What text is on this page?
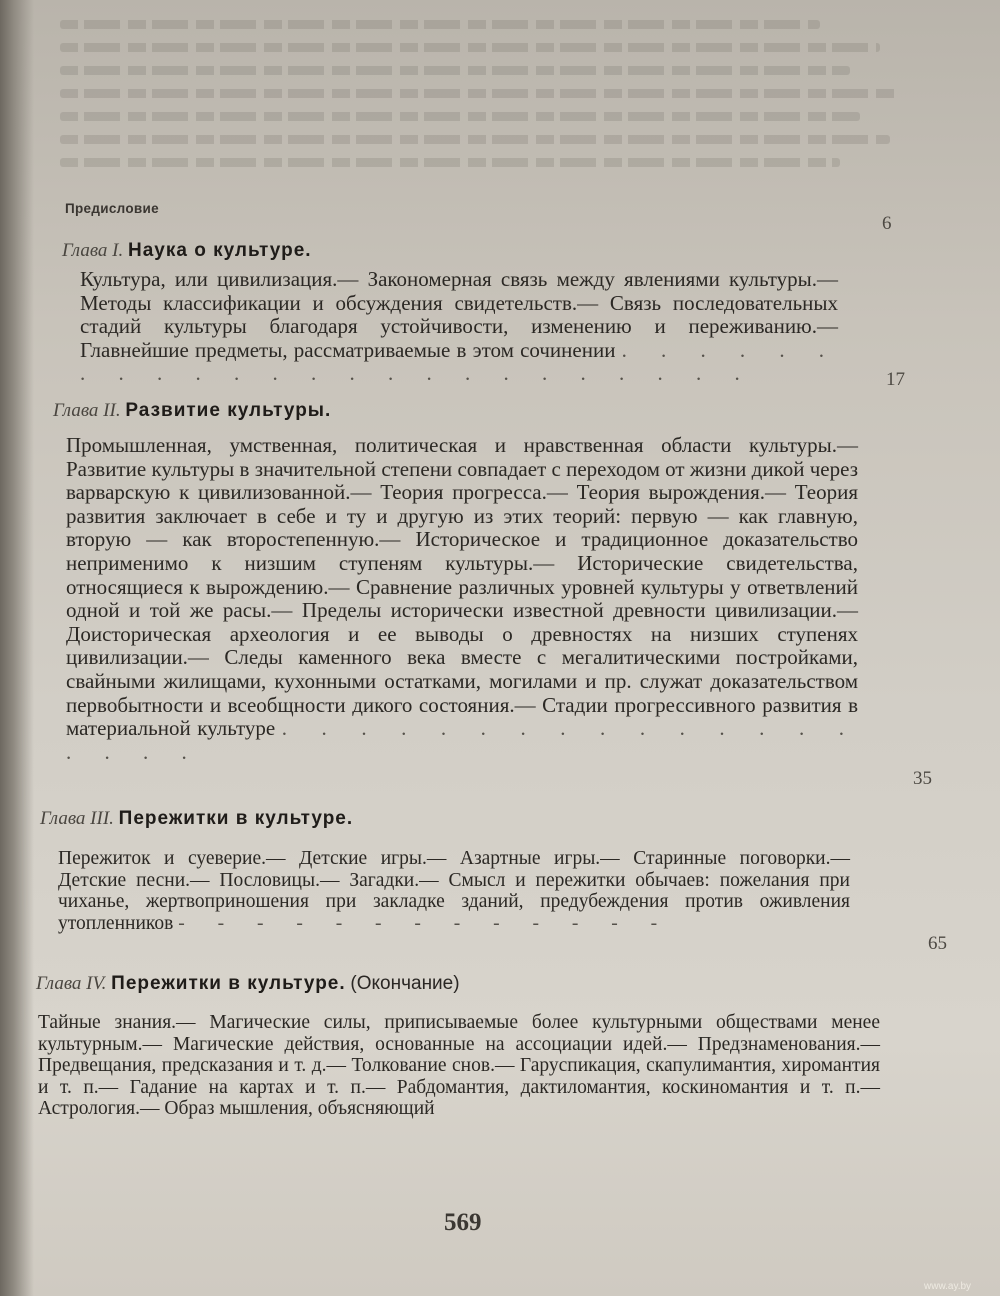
Предисловие
6
Глава I. Наука о культуре.
Культура, или цивилизация.— Закономерная связь между явлениями культуры.— Методы классификации и обсуждения свидетельств.— Связь последовательных стадий культуры благодаря устойчивости, изменению и переживанию.— Главнейшие предметы, рассматриваемые в этом сочинении . . . . . . . . . . . . . . . . . . . . . . . .	17
Глава II. Развитие культуры.
Промышленная, умственная, политическая и нравственная области культуры.— Развитие культуры в значительной степени совпадает с переходом от жизни дикой через варварскую к цивилизованной.— Теория прогресса.— Теория вырождения.— Теория развития заключает в себе и ту и другую из этих теорий: первую — как главную, вторую — как второстепенную.— Историческое и традиционное доказательство неприменимо к низшим ступеням культуры.— Исторические свидетельства, относящиеся к вырождению.— Сравнение различных уровней культуры у ответвлений одной и той же расы.— Пределы исторически известной древности цивилизации.— Доисторическая археология и ее выводы о древностях на низших ступенях цивилизации.— Следы каменного века вместе с мегалитическими постройками, свайными жилищами, кухонными остатками, могилами и пр. служат доказательством первобытности и всеобщности дикого состояния.— Стадии прогрессивного развития в материальной культуре . . . . . . . . . . . . . . . . . . .
35
Глава III. Пережитки в культуре.
Пережиток и суеверие.— Детские игры.— Азартные игры.— Старинные поговорки.— Детские песни.— Пословицы.— Загадки.— Смысл и пережитки обычаев: пожелания при чиханье, жертвоприношения при закладке зданий, предубеждения против оживления утопленников - - - - - - - - - - - - -
65
Глава IV. Пережитки в культуре. (Окончание)
Тайные знания.— Магические силы, приписываемые более культурными обществами менее культурным.— Магические действия, основанные на ассоциации идей.— Предзнаменования.— Предвещания, предсказания и т. д.— Толкование снов.— Гаруспикация, скапулимантия, хиромантия и т. п.— Гадание на картах и т. п.— Рабдомантия, дактиломантия, коскиномантия и т. п.— Астрология.— Образ мышления, объясняющий
569
www.ay.by
